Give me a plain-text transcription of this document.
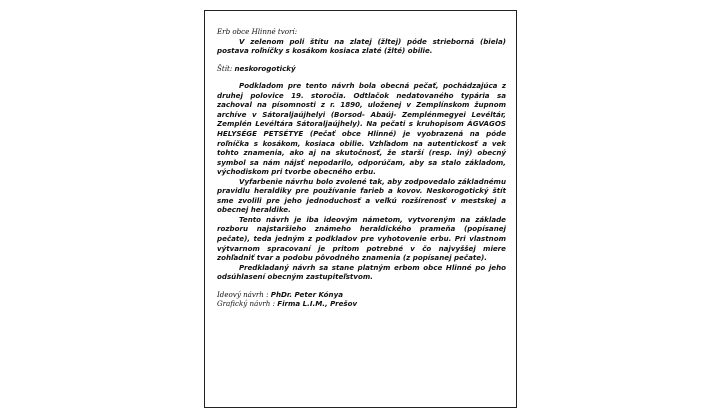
Erb obce Hlinné tvorí:

V zelenom poli štítu na zlatej (žltej) póde strieborná (biela) postava roľníčky s kosákom kosiaca zlaté (žlté) obilie.

Štít: neskorogotický

Podkladom pre tento návrh bola obecná pečať, pochádzajúca z druhej polovice 19. storočia. Odtlačok nedatovaného typária sa zachoval na písomnosti z r. 1890, uloženej v Zemplínskom župnom archíve v Sátoraljaújhelyi (Borsod- Abaúj- Zemplénmegyei Levéltár, Zemplén Levéltára Sátoraljaújhely). Na pečati s kruhopisom ÁGVAGOS HELYSÉGE PETSÉTYE (Pečať obce Hlinné) je vyobrazená na póde roľníčka s kosákom, kosiaca obilie. Vzhľadom na autentickosť a vek tohto znamenia, ako aj na skutočnosť, že starší (resp. iný) obecný symbol sa nám nájsť nepodarilo, odporúčam, aby sa stalo základom, východiskom pri tvorbe obecného erbu.

Vyfarbenie návrhu bolo zvolené tak, aby zodpovedalo základnému pravidlu heraldiky pre používanie farieb a kovov. Neskorogotický štít sme zvolili pre jeho jednoduchosť a veľkú rozšírenosť v mestskej a obecnej heraldike.

Tento návrh je iba ideovým námetom, vytvoreným na základe rozboru najstaršieho známeho heraldického prameňa (popísanej pečate), teda jedným z podkladov pre vyhotovenie erbu. Pri vlastnom výtvarnom spracovaní je pritom potrebné v čo najvyššej miere zohľadniť tvar a podobu pôvodného znamenia (z popísanej pečate).

Predkladaný návrh sa stane platným erbom obce Hlinné po jeho odsúhlasení obecným zastupiteľstvom.

Ideový návrh : PhDr. Peter Kónya
Grafický návrh : Firma L.I.M., Prešov
